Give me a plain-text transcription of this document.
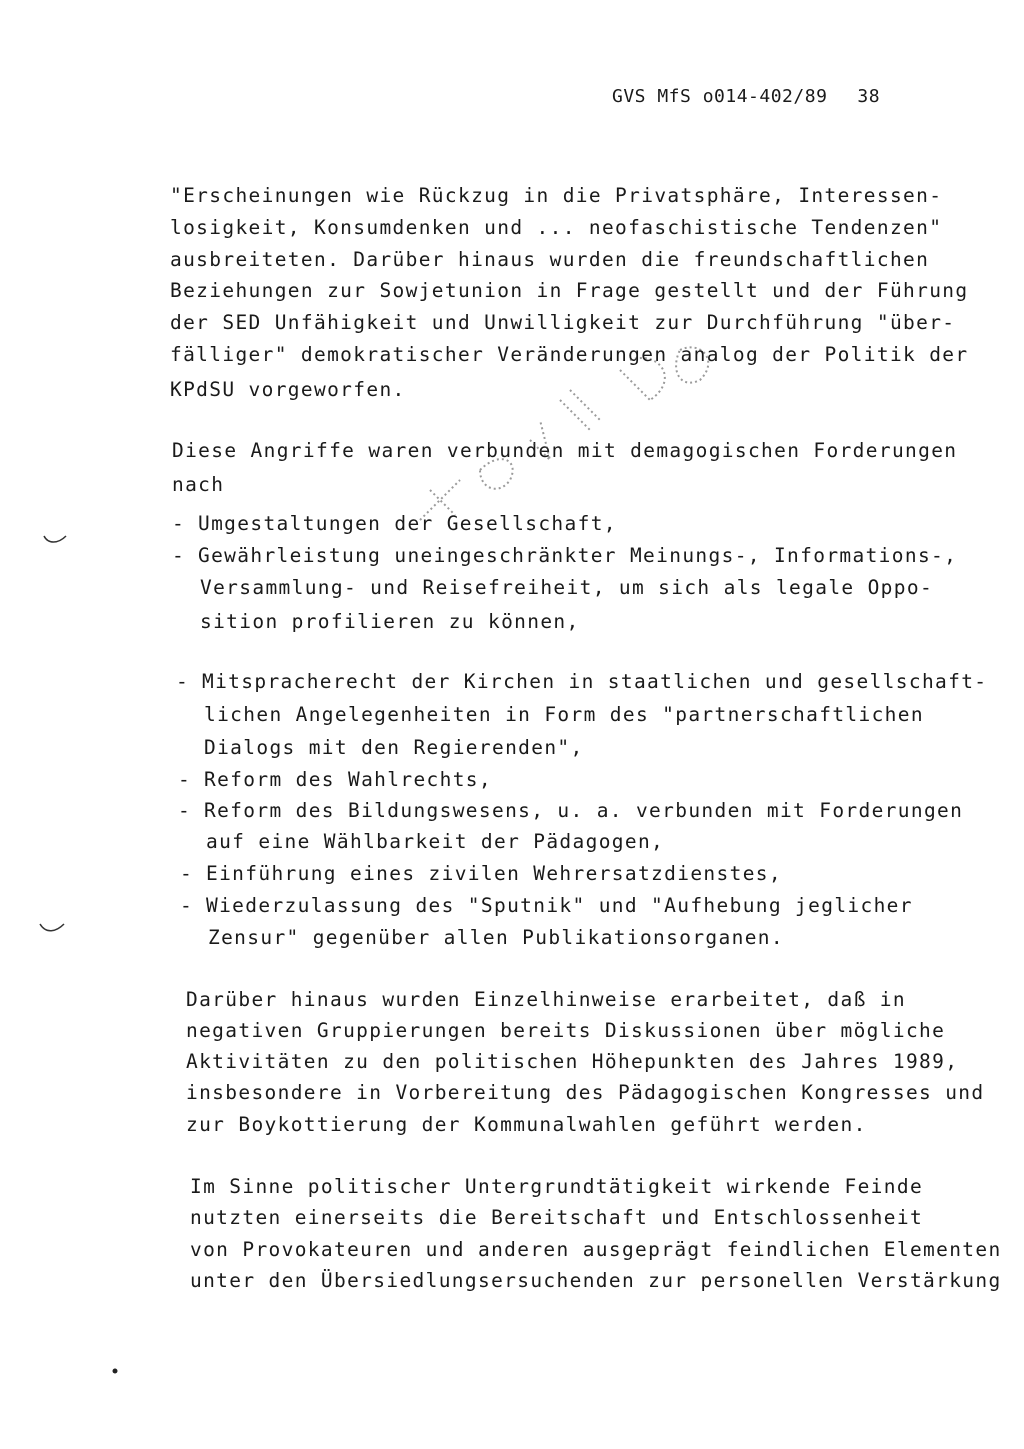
GVS MfS o014-402/89 38
"Erscheinungen wie Rückzug in die Privatsphäre, Interessen-
losigkeit, Konsumdenken und ... neofaschistische Tendenzen"
ausbreiteten. Darüber hinaus wurden die freundschaftlichen
Beziehungen zur Sowjetunion in Frage gestellt und der Führung
der SED Unfähigkeit und Unwilligkeit zur Durchführung "über-
fälliger" demokratischer Veränderungen analog der Politik der
KPdSU vorgeworfen.
Diese Angriffe waren verbunden mit demagogischen Forderungen
nach
- Umgestaltungen der Gesellschaft,
- Gewährleistung uneingeschränkter Meinungs-, Informations-,
Versammlung- und Reisefreiheit, um sich als legale Oppo-
sition profilieren zu können,
- Mitspracherecht der Kirchen in staatlichen und gesellschaft-
lichen Angelegenheiten in Form des "partnerschaftlichen
Dialogs mit den Regierenden",
- Reform des Wahlrechts,
- Reform des Bildungswesens, u. a. verbunden mit Forderungen
auf eine Wählbarkeit der Pädagogen,
- Einführung eines zivilen Wehrersatzdienstes,
- Wiederzulassung des "Sputnik" und "Aufhebung jeglicher
Zensur" gegenüber allen Publikationsorganen.
Darüber hinaus wurden Einzelhinweise erarbeitet, daß in
negativen Gruppierungen bereits Diskussionen über mögliche
Aktivitäten zu den politischen Höhepunkten des Jahres 1989,
insbesondere in Vorbereitung des Pädagogischen Kongresses und
zur Boykottierung der Kommunalwahlen geführt werden.
Im Sinne politischer Untergrundtätigkeit wirkende Feinde
nutzten einerseits die Bereitschaft und Entschlossenheit
von Provokateuren und anderen ausgeprägt feindlichen Elementen
unter den Übersiedlungsersuchenden zur personellen Verstärkung
